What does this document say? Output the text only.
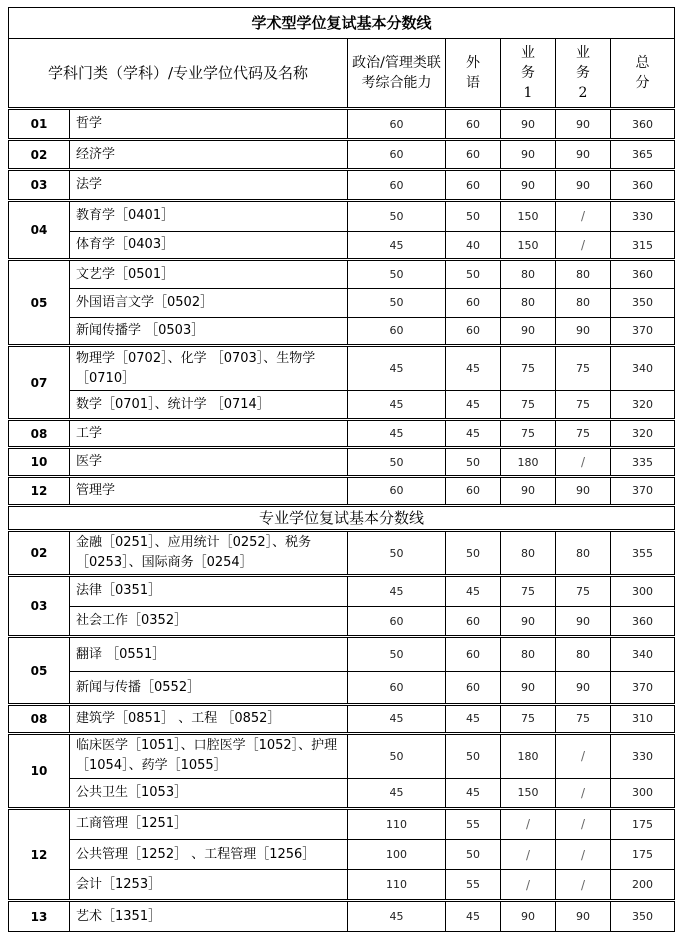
学术型学位复试基本分数线						
学科门类（学科）/专业学位代码及名称		政治/管理类联考综合能力	外语	业务1	业务2	总分
01	哲学	60	60	90	90	360
02	经济学	60	60	90	90	365
03	法学	60	60	90	90	360
04	教育学［0401］	50	50	150	/	330
	体育学［0403］	45	40	150	/	315
05	文艺学［0501］	50	50	80	80	360
	外国语言文学［0502］	50	60	80	80	350
	新闻传播学 ［0503］	60	60	90	90	370
07	物理学［0702］、化学 ［0703］、生物学［0710］	45	45	75	75	340
	数学［0701］、统计学 ［0714］	45	45	75	75	320
08	工学	45	45	75	75	320
10	医学	50	50	180	/	335
12	管理学	60	60	90	90	370
专业学位复试基本分数线						
02	金融［0251］、应用统计［0252］、税务［0253］、国际商务［0254］	50	50	80	80	355
03	法律［0351］	45	45	75	75	300
	社会工作［0352］	60	60	90	90	360
05	翻译 ［0551］	50	60	80	80	340
	新闻与传播［0552］	60	60	90	90	370
08	建筑学［0851］ 、工程 ［0852］	45	45	75	75	310
10	临床医学［1051］、口腔医学［1052］、护理［1054］、药学［1055］	50	50	180	/	330
	公共卫生［1053］	45	45	150	/	300
12	工商管理［1251］	110	55	/	/	175
	公共管理［1252］ 、工程管理［1256］	100	50	/	/	175
	会计［1253］	110	55	/	/	200
13	艺术［1351］	45	45	90	90	350
